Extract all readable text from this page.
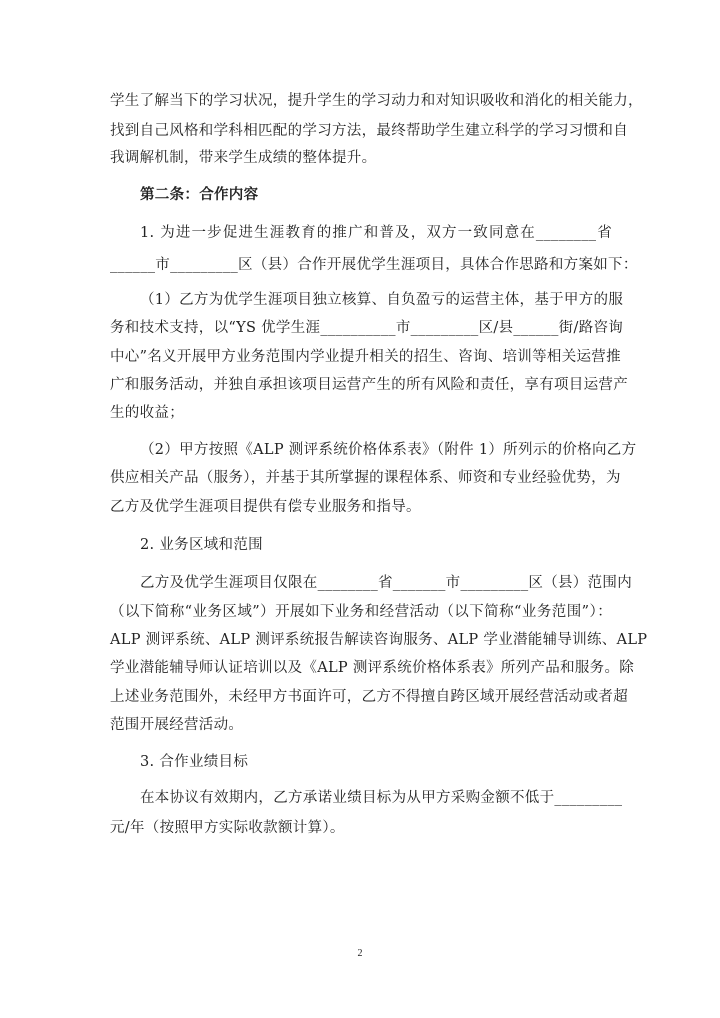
学生了解当下的学习状况，提升学生的学习动力和对知识吸收和消化的相关能力，
找到自己风格和学科相匹配的学习方法，最终帮助学生建立科学的学习习惯和自
我调解机制，带来学生成绩的整体提升。
第二条：合作内容
1. 为进一步促进生涯教育的推广和普及，双方一致同意在________省
______市_________区（县）合作开展优学生涯项目，具体合作思路和方案如下：
（1）乙方为优学生涯项目独立核算、自负盈亏的运营主体，基于甲方的服
务和技术支持，以“YS 优学生涯__________市_________区/县______街/路咨询
中心”名义开展甲方业务范围内学业提升相关的招生、咨询、培训等相关运营推
广和服务活动，并独自承担该项目运营产生的所有风险和责任，享有项目运营产
生的收益；
（2）甲方按照《ALP 测评系统价格体系表》（附件 1）所列示的价格向乙方
供应相关产品（服务），并基于其所掌握的课程体系、师资和专业经验优势，为
乙方及优学生涯项目提供有偿专业服务和指导。
2. 业务区域和范围
乙方及优学生涯项目仅限在________省_______市_________区（县）范围内
（以下简称“业务区域”）开展如下业务和经营活动（以下简称“业务范围”）：
ALP 测评系统、ALP 测评系统报告解读咨询服务、ALP 学业潜能辅导训练、ALP
学业潜能辅导师认证培训以及《ALP 测评系统价格体系表》所列产品和服务。除
上述业务范围外，未经甲方书面许可，乙方不得擅自跨区域开展经营活动或者超
范围开展经营活动。
3. 合作业绩目标
在本协议有效期内，乙方承诺业绩目标为从甲方采购金额不低于_________
元/年（按照甲方实际收款额计算）。
2
